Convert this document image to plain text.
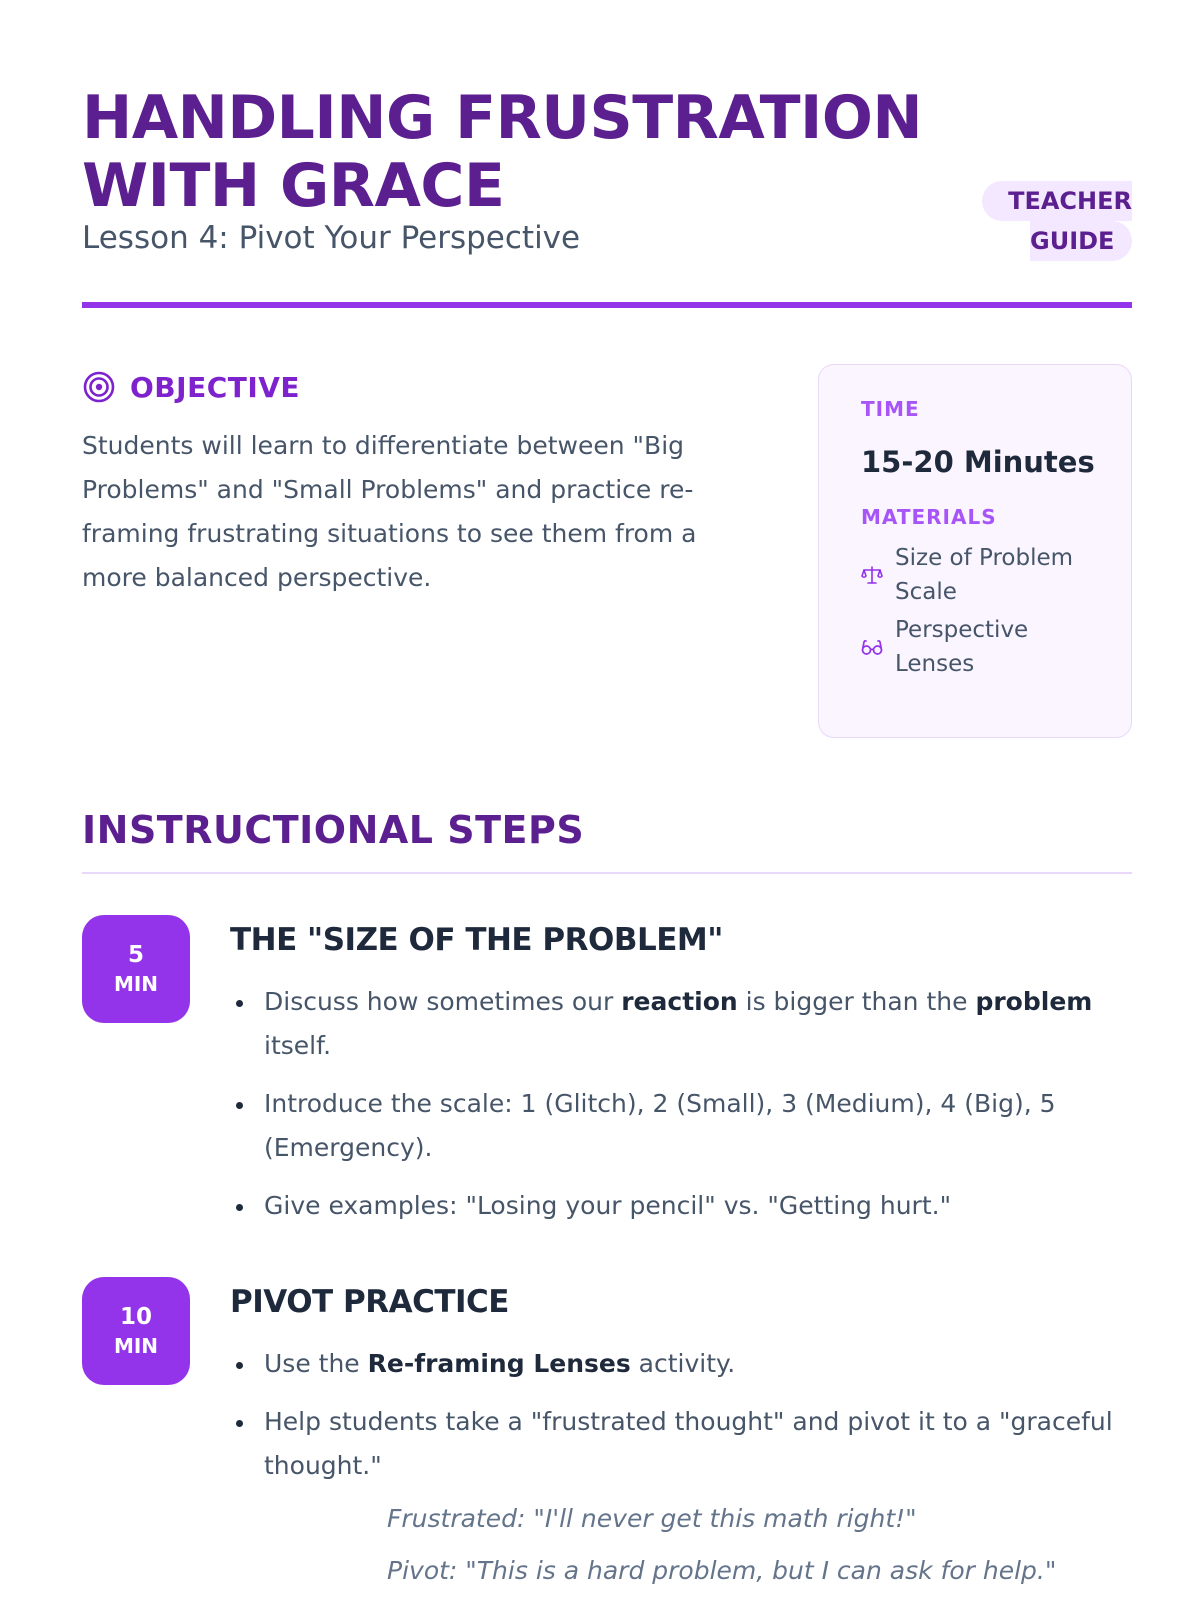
HANDLING FRUSTRATION
WITH GRACE
Lesson 4: Pivot Your Perspective
TEACHER
GUIDE
OBJECTIVE

Students will learn to differentiate between "Big Problems" and "Small Problems" and practice re-framing frustrating situations to see them from a more balanced perspective.

TIME
15-20 Minutes
MATERIALS
Size of Problem Scale
Perspective Lenses
INSTRUCTIONAL STEPS
5
MIN
THE "SIZE OF THE PROBLEM"
Discuss how sometimes our reaction is bigger than the problem itself.
Introduce the scale: 1 (Glitch), 2 (Small), 3 (Medium), 4 (Big), 5 (Emergency).
Give examples: "Losing your pencil" vs. "Getting hurt."
10
MIN
PIVOT PRACTICE
Use the Re-framing Lenses activity.
Help students take a "frustrated thought" and pivot it to a "graceful thought."
Frustrated: "I'll never get this math right!"
Pivot: "This is a hard problem, but I can ask for help."
